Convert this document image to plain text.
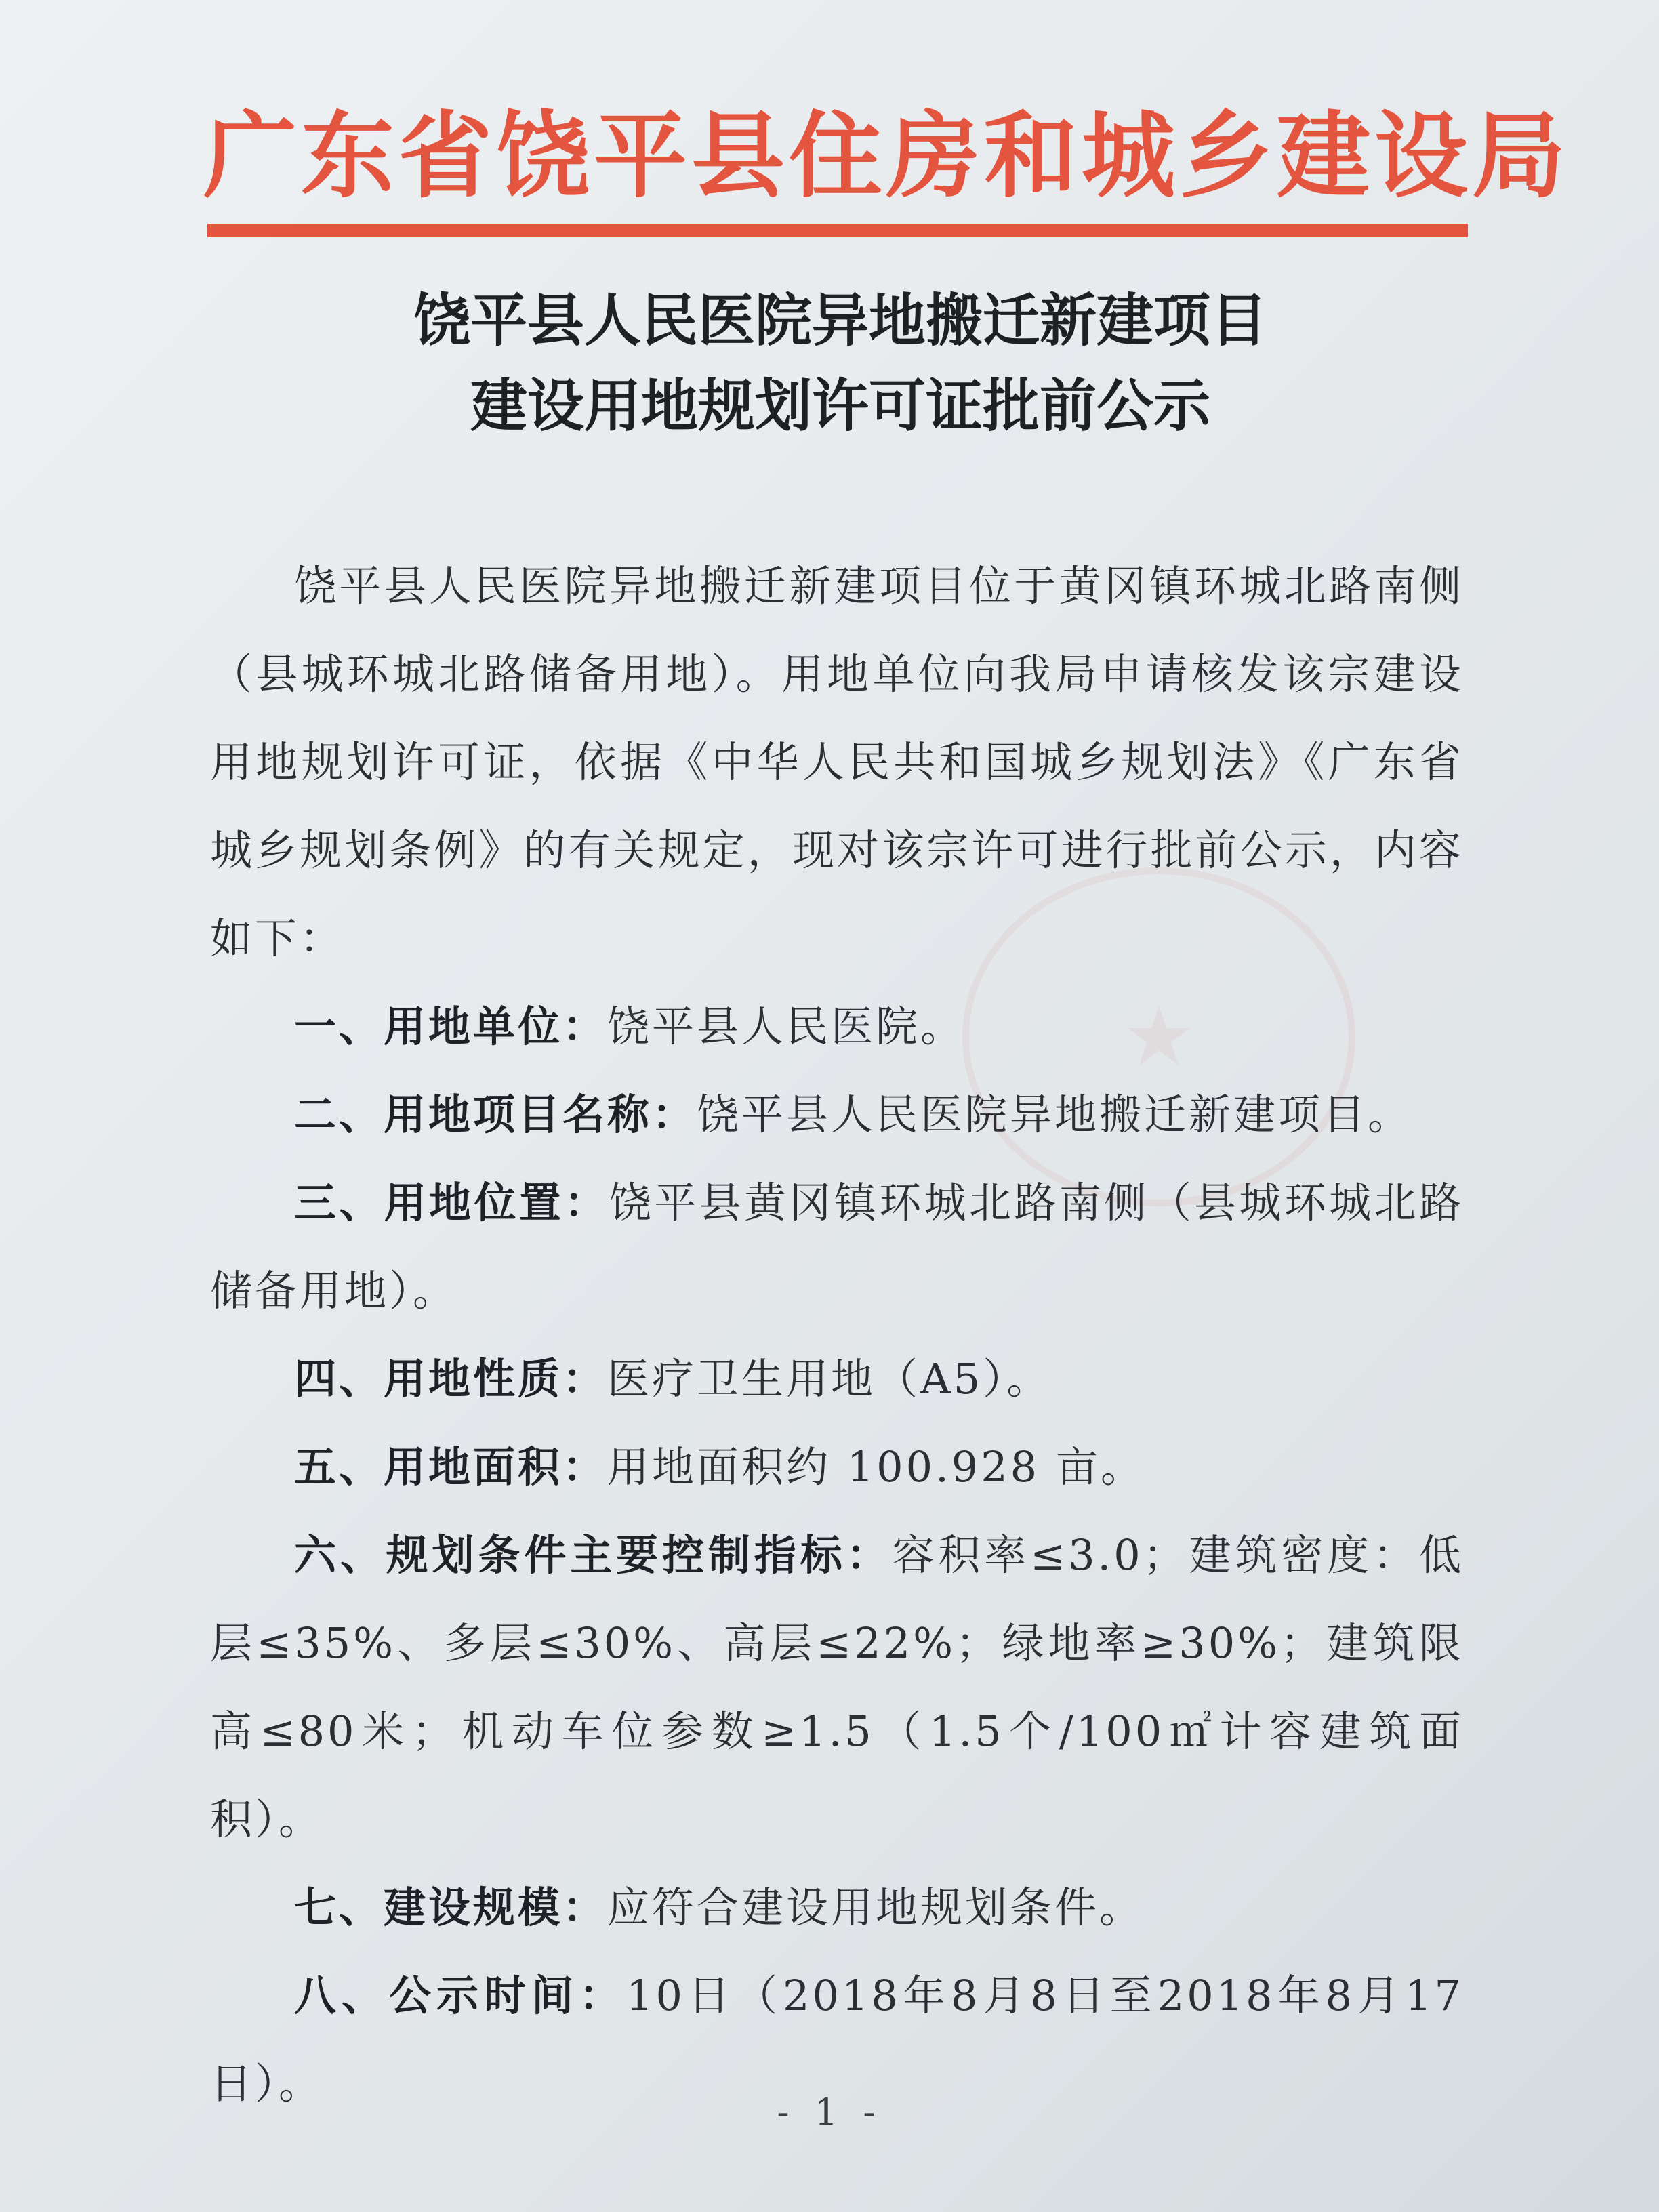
★
广东省饶平县住房和城乡建设局
饶平县人民医院异地搬迁新建项目
建设用地规划许可证批前公示

饶平县人民医院异地搬迁新建项目位于黄冈镇环城北路南侧（县城环城北路储备用地）。用地单位向我局申请核发该宗建设用地规划许可证，依据《中华人民共和国城乡规划法》《广东省城乡规划条例》的有关规定，现对该宗许可进行批前公示，内容如下：

一、用地单位：饶平县人民医院。

二、用地项目名称：饶平县人民医院异地搬迁新建项目。

三、用地位置：饶平县黄冈镇环城北路南侧（县城环城北路储备用地）。

四、用地性质：医疗卫生用地（A5）。

五、用地面积：用地面积约 100.928 亩。

六、规划条件主要控制指标：容积率≤3.0；建筑密度：低层≤35%、多层≤30%、高层≤22%；绿地率≥30%；建筑限高≤80米；机动车位参数≥1.5（1.5个/100㎡计容建筑面积）。

七、建设规模：应符合建设用地规划条件。

八、公示时间：10日（2018年8月8日至2018年8月17日）。

- 1 -
